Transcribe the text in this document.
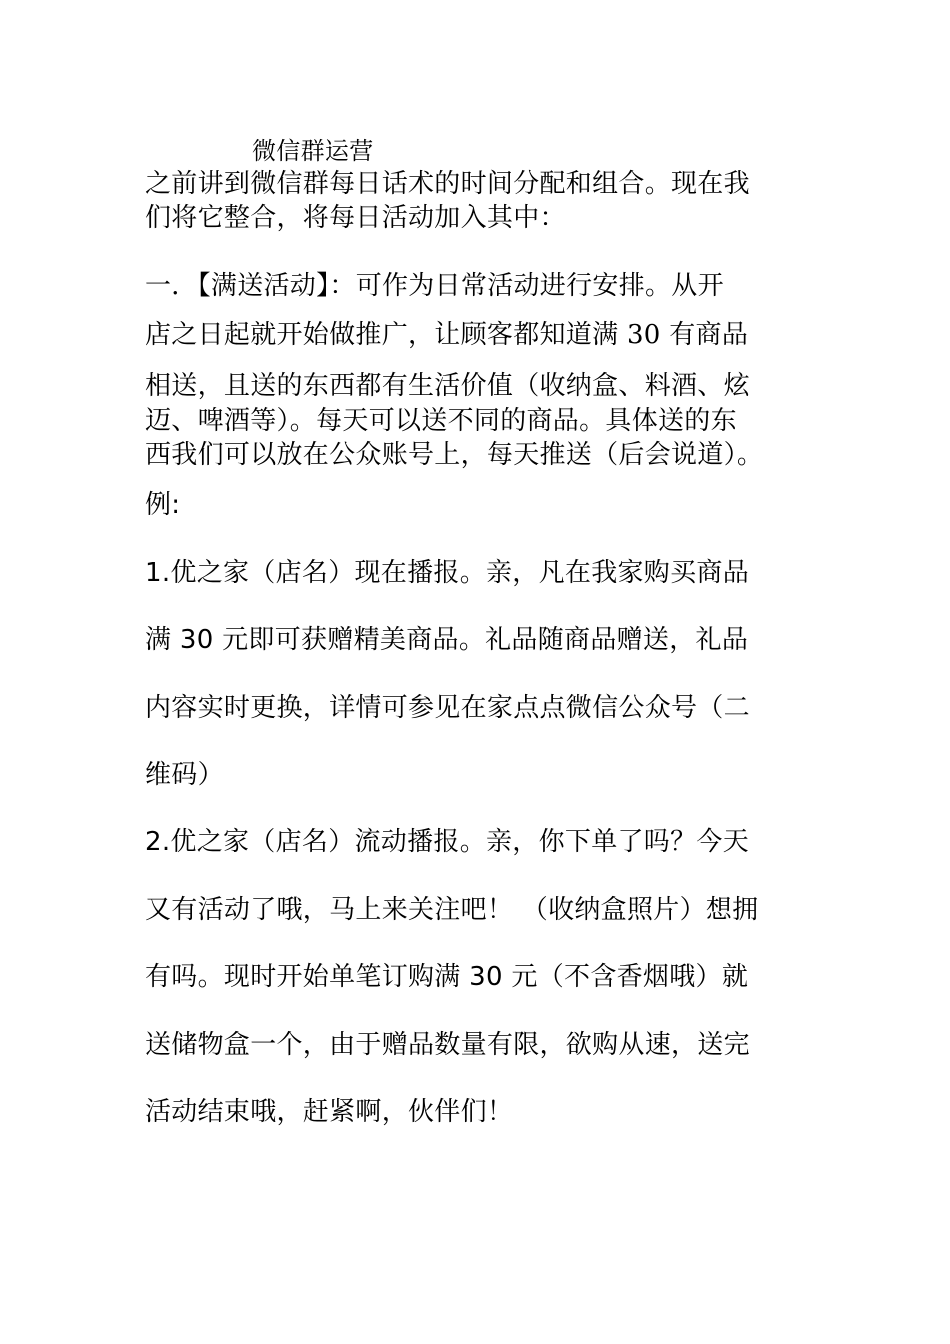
微信群运营
之前讲到微信群每日话术的时间分配和组合。现在我
们将它整合，将每日活动加入其中：
一．【满送活动】：可作为日常活动进行安排。从开
店之日起就开始做推广，让顾客都知道满 30 有商品
相送，且送的东西都有生活价值（收纳盒、料酒、炫
迈、啤酒等）。每天可以送不同的商品。具体送的东
西我们可以放在公众账号上，每天推送（后会说道）。
例:
1.优之家（店名）现在播报。亲，凡在我家购买商品
满 30 元即可获赠精美商品。礼品随商品赠送，礼品
内容实时更换，详情可参见在家点点微信公众号（二
维码）
2.优之家（店名）流动播报。亲，你下单了吗？今天
又有活动了哦，马上来关注吧！ （收纳盒照片）想拥
有吗。现时开始单笔订购满 30 元（不含香烟哦）就
送储物盒一个，由于赠品数量有限，欲购从速，送完
活动结束哦，赶紧啊，伙伴们！
